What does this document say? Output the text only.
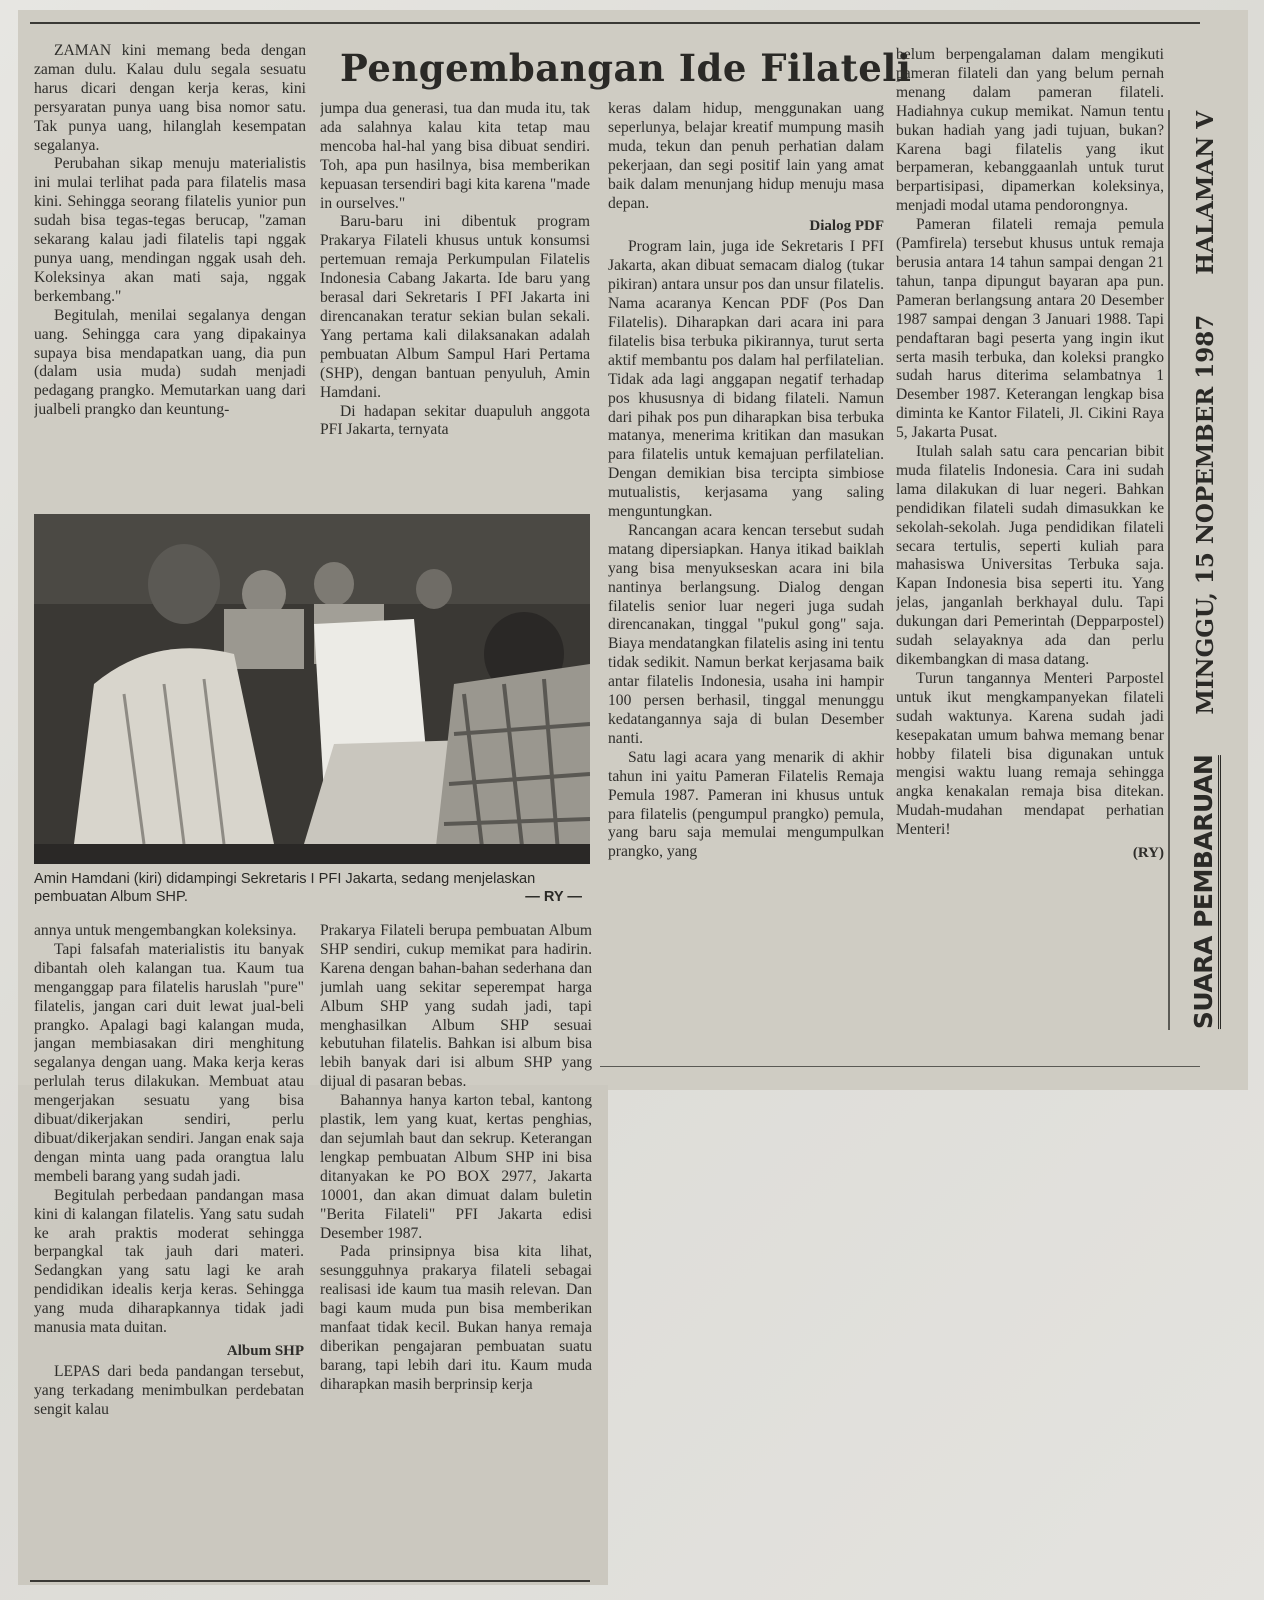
Pengembangan Ide Filateli

ZAMAN kini memang beda dengan zaman dulu. Kalau dulu segala sesuatu harus dicari dengan kerja keras, kini persyaratan punya uang bisa nomor satu. Tak punya uang, hilanglah kesempatan segalanya.

Perubahan sikap menuju materialistis ini mulai terlihat pada para filatelis masa kini. Sehingga seorang filatelis yunior pun sudah bisa tegas-tegas berucap, "zaman sekarang kalau jadi filatelis tapi nggak punya uang, mendingan nggak usah deh. Koleksinya akan mati saja, nggak berkembang."

Begitulah, menilai segalanya dengan uang. Sehingga cara yang dipakainya supaya bisa mendapatkan uang, dia pun (dalam usia muda) sudah menjadi pedagang prangko. Memutarkan uang dari jualbeli prangko dan keuntung-

jumpa dua generasi, tua dan muda itu, tak ada salahnya kalau kita tetap mau mencoba hal-hal yang bisa dibuat sendiri. Toh, apa pun hasilnya, bisa memberikan kepuasan tersendiri bagi kita karena "made in ourselves."

Baru-baru ini dibentuk program Prakarya Filateli khusus untuk konsumsi pertemuan remaja Perkumpulan Filatelis Indonesia Cabang Jakarta. Ide baru yang berasal dari Sekretaris I PFI Jakarta ini direncanakan teratur sekian bulan sekali. Yang pertama kali dilaksanakan adalah pembuatan Album Sampul Hari Pertama (SHP), dengan bantuan penyuluh, Amin Hamdani.

Di hadapan sekitar duapuluh anggota PFI Jakarta, ternyata

keras dalam hidup, menggunakan uang seperlunya, belajar kreatif mumpung masih muda, tekun dan penuh perhatian dalam pekerjaan, dan segi positif lain yang amat baik dalam menunjang hidup menuju masa depan.

Dialog PDF

Program lain, juga ide Sekretaris I PFI Jakarta, akan dibuat semacam dialog (tukar pikiran) antara unsur pos dan unsur filatelis. Nama acaranya Kencan PDF (Pos Dan Filatelis). Diharapkan dari acara ini para filatelis bisa terbuka pikirannya, turut serta aktif membantu pos dalam hal perfilatelian. Tidak ada lagi anggapan negatif terhadap pos khususnya di bidang filateli. Namun dari pihak pos pun diharapkan bisa terbuka matanya, menerima kritikan dan masukan para filatelis untuk kemajuan perfilatelian. Dengan demikian bisa tercipta simbiose mutualistis, kerjasama yang saling menguntungkan.

Rancangan acara kencan tersebut sudah matang dipersiapkan. Hanya itikad baiklah yang bisa menyukseskan acara ini bila nantinya berlangsung. Dialog dengan filatelis senior luar negeri juga sudah direncanakan, tinggal "pukul gong" saja. Biaya mendatangkan filatelis asing ini tentu tidak sedikit. Namun berkat kerjasama baik antar filatelis Indonesia, usaha ini hampir 100 persen berhasil, tinggal menunggu kedatangannya saja di bulan Desember nanti.

Satu lagi acara yang menarik di akhir tahun ini yaitu Pameran Filatelis Remaja Pemula 1987. Pameran ini khusus untuk para filatelis (pengumpul prangko) pemula, yang baru saja memulai mengumpulkan prangko, yang

belum berpengalaman dalam mengikuti pameran filateli dan yang belum pernah menang dalam pameran filateli. Hadiahnya cukup memikat. Namun tentu bukan hadiah yang jadi tujuan, bukan? Karena bagi filatelis yang ikut berpameran, kebanggaanlah untuk turut berpartisipasi, dipamerkan koleksinya, menjadi modal utama pendorongnya.

Pameran filateli remaja pemula (Pamfirela) tersebut khusus untuk remaja berusia antara 14 tahun sampai dengan 21 tahun, tanpa dipungut bayaran apa pun. Pameran berlangsung antara 20 Desember 1987 sampai dengan 3 Januari 1988. Tapi pendaftaran bagi peserta yang ingin ikut serta masih terbuka, dan koleksi prangko sudah harus diterima selambatnya 1 Desember 1987. Keterangan lengkap bisa diminta ke Kantor Filateli, Jl. Cikini Raya 5, Jakarta Pusat.

Itulah salah satu cara pencarian bibit muda filatelis Indonesia. Cara ini sudah lama dilakukan di luar negeri. Bahkan pendidikan filateli sudah dimasukkan ke sekolah-sekolah. Juga pendidikan filateli secara tertulis, seperti kuliah para mahasiswa Universitas Terbuka saja. Kapan Indonesia bisa seperti itu. Yang jelas, janganlah berkhayal dulu. Tapi dukungan dari Pemerintah (Depparpostel) sudah selayaknya ada dan perlu dikembangkan di masa datang.

Turun tangannya Menteri Parpostel untuk ikut mengkampanyekan filateli sudah waktunya. Karena sudah jadi kesepakatan umum bahwa memang benar hobby filateli bisa digunakan untuk mengisi waktu luang remaja sehingga angka kenakalan remaja bisa ditekan. Mudah-mudahan mendapat perhatian Menteri!

(RY)
Amin Hamdani (kiri) didampingi Sekretaris I PFI Jakarta, sedang menjelaskan pembuatan Album SHP.	— RY —

annya untuk mengembangkan koleksinya.

Tapi falsafah materialistis itu banyak dibantah oleh kalangan tua. Kaum tua menganggap para filatelis haruslah "pure" filatelis, jangan cari duit lewat jual-beli prangko. Apalagi bagi kalangan muda, jangan membiasakan diri menghitung segalanya dengan uang. Maka kerja keras perlulah terus dilakukan. Membuat atau mengerjakan sesuatu yang bisa dibuat/dikerjakan sendiri, perlu dibuat/dikerjakan sendiri. Jangan enak saja dengan minta uang pada orangtua lalu membeli barang yang sudah jadi.

Begitulah perbedaan pandangan masa kini di kalangan filatelis. Yang satu sudah ke arah praktis moderat sehingga berpangkal tak jauh dari materi. Sedangkan yang satu lagi ke arah pendidikan idealis kerja keras. Sehingga yang muda diharapkannya tidak jadi manusia mata duitan.

Album SHP

LEPAS dari beda pandangan tersebut, yang terkadang menimbulkan perdebatan sengit kalau

Prakarya Filateli berupa pembuatan Album SHP sendiri, cukup memikat para hadirin. Karena dengan bahan-bahan sederhana dan jumlah uang sekitar seperempat harga Album SHP yang sudah jadi, tapi menghasilkan Album SHP sesuai kebutuhan filatelis. Bahkan isi album bisa lebih banyak dari isi album SHP yang dijual di pasaran bebas.

Bahannya hanya karton tebal, kantong plastik, lem yang kuat, kertas penghias, dan sejumlah baut dan sekrup. Keterangan lengkap pembuatan Album SHP ini bisa ditanyakan ke PO BOX 2977, Jakarta 10001, dan akan dimuat dalam buletin "Berita Filateli" PFI Jakarta edisi Desember 1987.

Pada prinsipnya bisa kita lihat, sesungguhnya prakarya filateli sebagai realisasi ide kaum tua masih relevan. Dan bagi kaum muda pun bisa memberikan manfaat tidak kecil. Bukan hanya remaja diberikan pengajaran pembuatan suatu barang, tapi lebih dari itu. Kaum muda diharapkan masih berprinsip kerja

SUARA PEMBARUAN
MINGGU, 15 NOPEMBER 1987
HALAMAN V
